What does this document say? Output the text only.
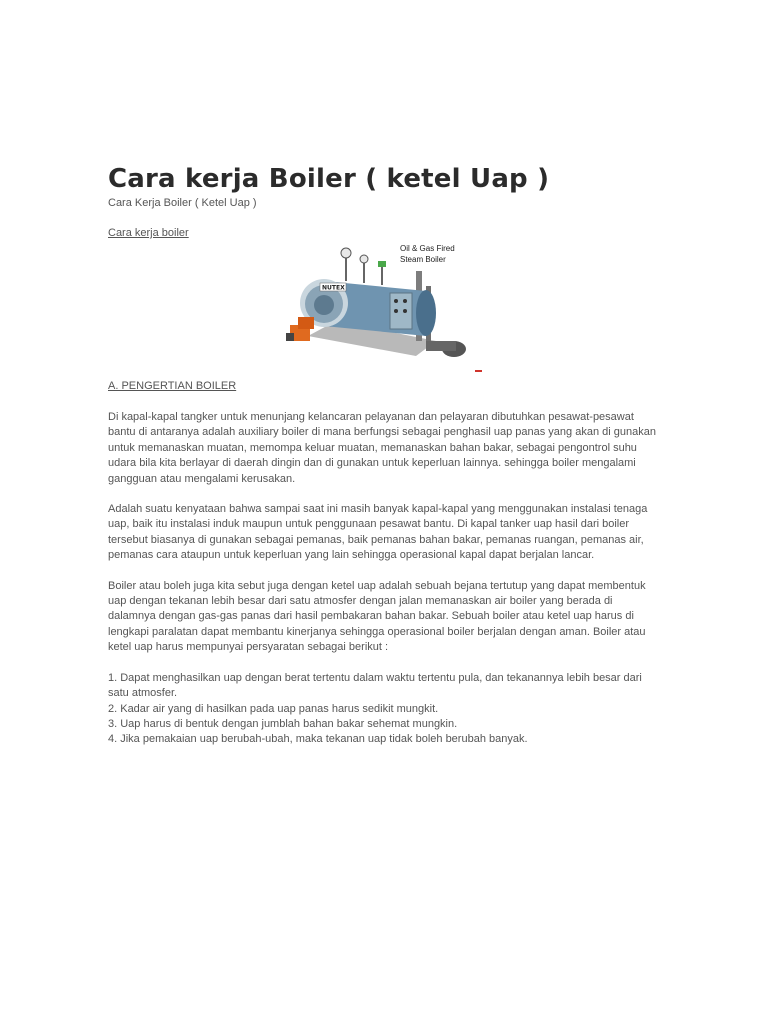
Cara kerja Boiler ( ketel Uap )
Cara Kerja Boiler ( Ketel Uap )
Cara kerja boiler
NUTEX
Oil & Gas Fired
Steam Boiler
A. PENGERTIAN BOILER

Di kapal-kapal tangker untuk menunjang kelancaran pelayanan dan pelayaran dibutuhkan pesawat-pesawat bantu di antaranya adalah auxiliary boiler di mana berfungsi sebagai penghasil uap panas yang akan di gunakan untuk memanaskan muatan, memompa keluar muatan, memanaskan bahan bakar, sebagai pengontrol suhu udara bila kita berlayar di daerah dingin dan di gunakan untuk keperluan lainnya. sehingga boiler mengalami gangguan atau mengalami kerusakan.

Adalah suatu kenyataan bahwa sampai saat ini masih banyak kapal-kapal yang menggunakan instalasi tenaga uap, baik itu instalasi induk maupun untuk penggunaan pesawat bantu. Di kapal tanker uap hasil dari boiler tersebut biasanya di gunakan sebagai pemanas, baik pemanas bahan bakar, pemanas ruangan, pemanas air, pemanas cara ataupun untuk keperluan yang lain sehingga operasional kapal dapat berjalan lancar.

Boiler atau boleh juga kita sebut juga dengan ketel uap adalah sebuah bejana tertutup yang dapat membentuk uap dengan tekanan lebih besar dari satu atmosfer dengan jalan memanaskan air boiler yang berada di dalamnya dengan gas-gas panas dari hasil pembakaran bahan bakar. Sebuah boiler atau ketel uap harus di lengkapi paralatan dapat membantu kinerjanya sehingga operasional boiler berjalan dengan aman. Boiler atau ketel uap harus mempunyai persyaratan sebagai berikut :

1. Dapat menghasilkan uap dengan berat tertentu dalam waktu tertentu pula, dan tekanannya lebih besar dari satu atmosfer.
2. Kadar air yang di hasilkan pada uap panas harus sedikit mungkit.
3. Uap harus di bentuk dengan jumblah bahan bakar sehemat mungkin.
4. Jika pemakaian uap berubah-ubah, maka tekanan uap tidak boleh berubah banyak.
